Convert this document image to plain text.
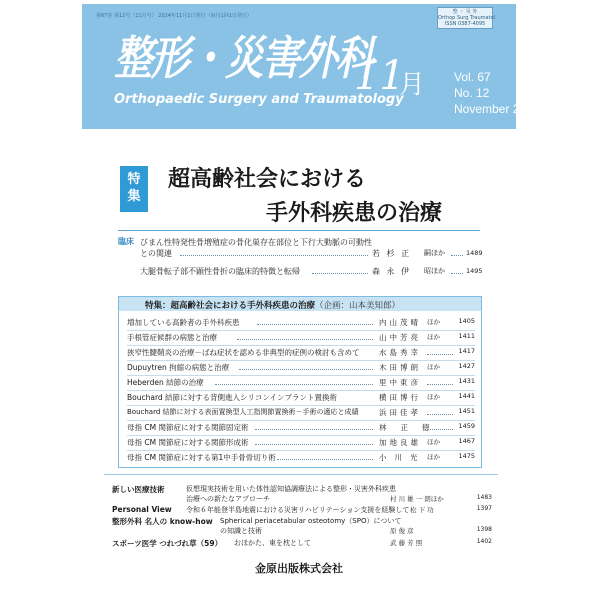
第67巻 第12号（11月号） 2024年11月1日発行（毎月1回1日発行）
整 ・ 災 外
Orthop Surg Traumatol
ISSN 0387-4095
整形・災害外科
Orthopaedic Surgery and Traumatology
11
月 Vol. 67
No. 12
November 2024
特
集
超高齢社会における
手外科疾患の治療
臨床 びまん性特発性骨増殖症の骨化巣存在部位と下行大動脈の可動性
との関連	若 杉 正 嗣ほか	1489
大腿骨転子部不顕性骨折の臨床的特徴と転帰	森 永 伊 昭ほか	1495
特集：超高齢社会における手外科疾患の治療（企画：山本美知郎）
増加している高齢者の手外科疾患	内山茂晴 ほか	1405
手根管症候群の病態と治療	山中芳亮 ほか	1411
狭窄性腱鞘炎の治療－ばね症状を認める非典型的症例の検討も含めて	水島秀幸	1417
Dupuytren 拘縮の病態と治療	木田博朗 ほか	1427
Heberden 結節の治療	里中東彦	1431
Bouchard 結節に対する背側進入シリコンインプラント置換術	横田博行 ほか	1441
Bouchard 結節に対する表面置換型人工指関節置換術－手術の適応と成績	浜田佳孝	1451
母指 CM 関節症に対する関節固定術	林正徳 1459
母指 CM 関節症に対する関節形成術	加地良雄 ほか	1467
母指 CM 関節症に対する第1中手骨骨切り術	小川光 ほか	1475
新しい医療技術	仮想現実技術を用いた体性認知協調療法による整形・災害外科疾患
治療への新たなアプローチ	村 川 雄 一 朗ほか	1483
Personal View 令和６年能登半島地震における災害リハビリテーション支援を経験して 松 下 功	1397
整形外科 名人の know-how Spherical periacetabular osteotomy（SPO）について
の知識と技術	原 俊 彦	1398
スポーツ医学 つれづれ草（59） おほかた、東を枕として	武 藤 芳 照	1402
金原出版株式会社
